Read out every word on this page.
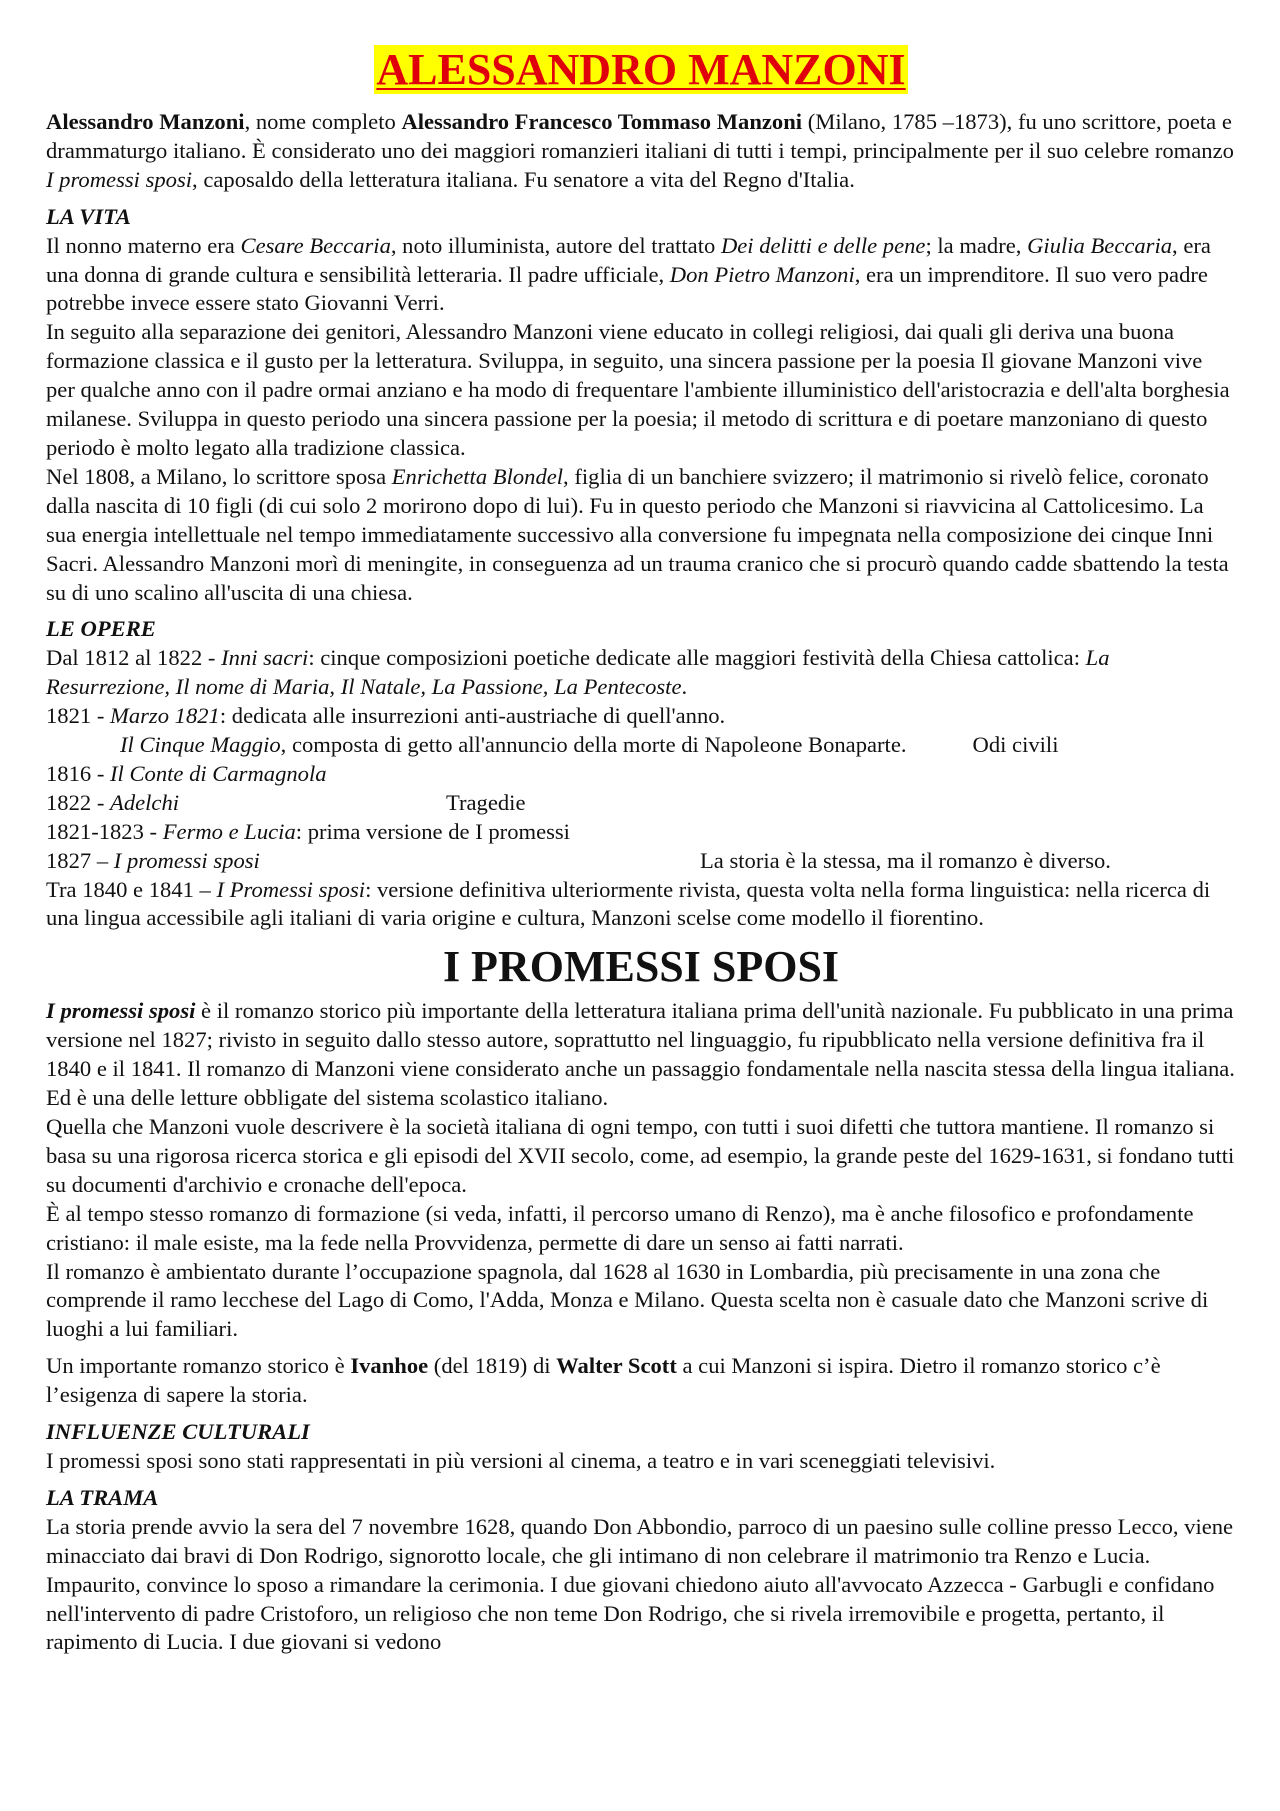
ALESSANDRO MANZONI

Alessandro Manzoni, nome completo Alessandro Francesco Tommaso Manzoni (Milano, 1785 –1873), fu uno scrittore, poeta e drammaturgo italiano. È considerato uno dei maggiori romanzieri italiani di tutti i tempi, principalmente per il suo celebre romanzo I promessi sposi, caposaldo della letteratura italiana. Fu senatore a vita del Regno d'Italia.

LA VITA

Il nonno materno era Cesare Beccaria, noto illuminista, autore del trattato Dei delitti e delle pene; la madre, Giulia Beccaria, era una donna di grande cultura e sensibilità letteraria. Il padre ufficiale, Don Pietro Manzoni, era un imprenditore. Il suo vero padre potrebbe invece essere stato Giovanni Verri.

In seguito alla separazione dei genitori, Alessandro Manzoni viene educato in collegi religiosi, dai quali gli deriva una buona formazione classica e il gusto per la letteratura. Sviluppa, in seguito, una sincera passione per la poesia Il giovane Manzoni vive per qualche anno con il padre ormai anziano e ha modo di frequentare l'ambiente illuministico dell'aristocrazia e dell'alta borghesia milanese. Sviluppa in questo periodo una sincera passione per la poesia; il metodo di scrittura e di poetare manzoniano di questo periodo è molto legato alla tradizione classica.

Nel 1808, a Milano, lo scrittore sposa Enrichetta Blondel, figlia di un banchiere svizzero; il matrimonio si rivelò felice, coronato dalla nascita di 10 figli (di cui solo 2 morirono dopo di lui). Fu in questo periodo che Manzoni si riavvicina al Cattolicesimo. La sua energia intellettuale nel tempo immediatamente successivo alla conversione fu impegnata nella composizione dei cinque Inni Sacri. Alessandro Manzoni morì di meningite, in conseguenza ad un trauma cranico che si procurò quando cadde sbattendo la testa su di uno scalino all'uscita di una chiesa.

LE OPERE

Dal 1812 al 1822 - Inni sacri: cinque composizioni poetiche dedicate alle maggiori festività della Chiesa cattolica: La Resurrezione, Il nome di Maria, Il Natale, La Passione, La Pentecoste.

1821 - Marzo 1821: dedicata alle insurrezioni anti-austriache di quell'anno.

Il Cinque Maggio, composta di getto all'annuncio della morte di Napoleone Bonaparte.	Odi civili

1816 - Il Conte di Carmagnola

1822 - Adelchi	Tragedie

1821-1823 - Fermo e Lucia: prima versione de I promessi

1827 – I promessi sposi	La storia è la stessa, ma il romanzo è diverso.

Tra 1840 e 1841 – I Promessi sposi: versione definitiva ulteriormente rivista, questa volta nella forma linguistica: nella ricerca di una lingua accessibile agli italiani di varia origine e cultura, Manzoni scelse come modello il fiorentino.

I PROMESSI SPOSI

I promessi sposi è il romanzo storico più importante della letteratura italiana prima dell'unità nazionale. Fu pubblicato in una prima versione nel 1827; rivisto in seguito dallo stesso autore, soprattutto nel linguaggio, fu ripubblicato nella versione definitiva fra il 1840 e il 1841. Il romanzo di Manzoni viene considerato anche un passaggio fondamentale nella nascita stessa della lingua italiana. Ed è una delle letture obbligate del sistema scolastico italiano.

Quella che Manzoni vuole descrivere è la società italiana di ogni tempo, con tutti i suoi difetti che tuttora mantiene. Il romanzo si basa su una rigorosa ricerca storica e gli episodi del XVII secolo, come, ad esempio, la grande peste del 1629-1631, si fondano tutti su documenti d'archivio e cronache dell'epoca.

È al tempo stesso romanzo di formazione (si veda, infatti, il percorso umano di Renzo), ma è anche filosofico e profondamente cristiano: il male esiste, ma la fede nella Provvidenza, permette di dare un senso ai fatti narrati.

Il romanzo è ambientato durante l’occupazione spagnola, dal 1628 al 1630 in Lombardia, più precisamente in una zona che comprende il ramo lecchese del Lago di Como, l'Adda, Monza e Milano. Questa scelta non è casuale dato che Manzoni scrive di luoghi a lui familiari.

Un importante romanzo storico è Ivanhoe (del 1819) di Walter Scott a cui Manzoni si ispira. Dietro il romanzo storico c’è l’esigenza di sapere la storia.

INFLUENZE CULTURALI

I promessi sposi sono stati rappresentati in più versioni al cinema, a teatro e in vari sceneggiati televisivi.

LA TRAMA

La storia prende avvio la sera del 7 novembre 1628, quando Don Abbondio, parroco di un paesino sulle colline presso Lecco, viene minacciato dai bravi di Don Rodrigo, signorotto locale, che gli intimano di non celebrare il matrimonio tra Renzo e Lucia. Impaurito, convince lo sposo a rimandare la cerimonia. I due giovani chiedono aiuto all'avvocato Azzecca - Garbugli e confidano nell'intervento di padre Cristoforo, un religioso che non teme Don Rodrigo, che si rivela irremovibile e progetta, pertanto, il rapimento di Lucia. I due giovani si vedono
